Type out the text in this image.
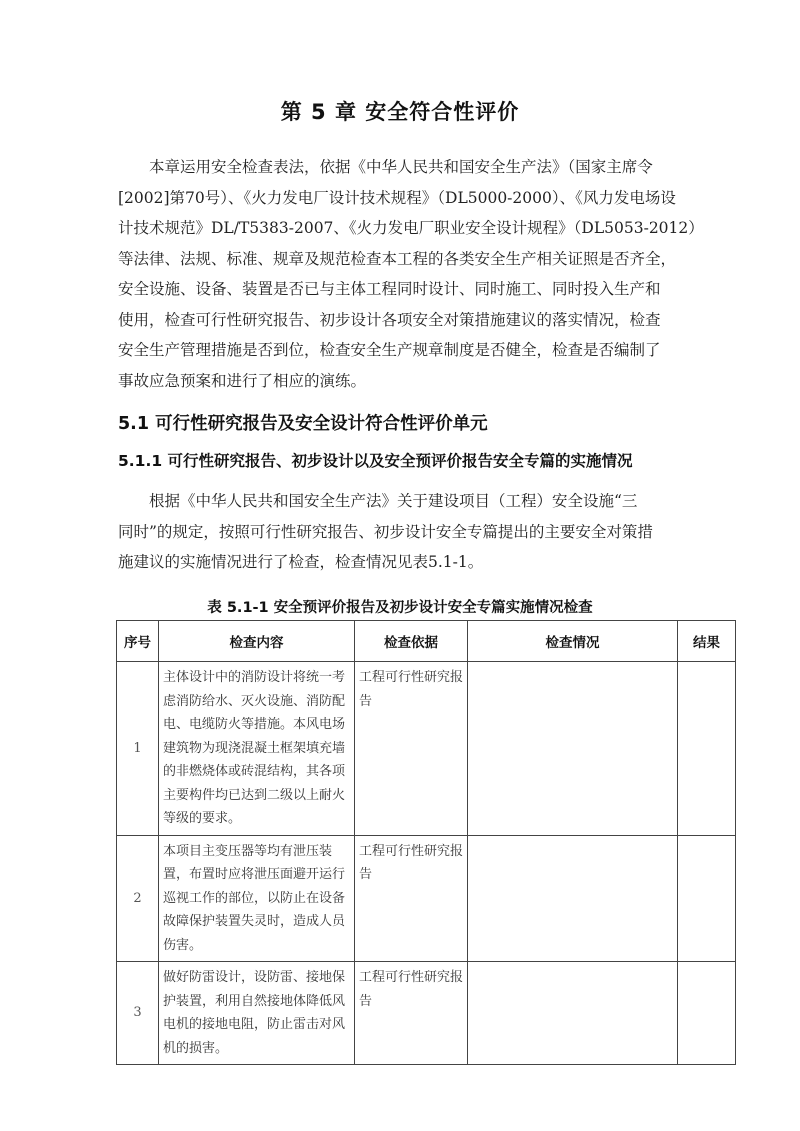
第 5 章 安全符合性评价
本章运用安全检查表法，依据《中华人民共和国安全生产法》（国家主席令
[2002]第70号）、《火力发电厂设计技术规程》（DL5000-2000）、《风力发电场设
计技术规范》DL/T5383-2007、《火力发电厂职业安全设计规程》（DL5053-2012）
等法律、法规、标准、规章及规范检查本工程的各类安全生产相关证照是否齐全，
安全设施、设备、装置是否已与主体工程同时设计、同时施工、同时投入生产和
使用，检查可行性研究报告、初步设计各项安全对策措施建议的落实情况，检查
安全生产管理措施是否到位，检查安全生产规章制度是否健全，检查是否编制了
事故应急预案和进行了相应的演练。
5.1 可行性研究报告及安全设计符合性评价单元
5.1.1 可行性研究报告、初步设计以及安全预评价报告安全专篇的实施情况
根据《中华人民共和国安全生产法》关于建设项目（工程）安全设施“三
同时”的规定，按照可行性研究报告、初步设计安全专篇提出的主要安全对策措
施建议的实施情况进行了检查，检查情况见表5.1-1。
表 5.1-1 安全预评价报告及初步设计安全专篇实施情况检查
序号	检查内容	检查依据	检查情况	结果
1	主体设计中的消防设计将统一考虑消防给水、灭火设施、消防配电、电缆防火等措施。本风电场建筑物为现浇混凝土框架填充墙的非燃烧体或砖混结构，其各项主要构件均已达到二级以上耐火等级的要求。	工程可行性研究报告		
2	本项目主变压器等均有泄压装置，布置时应将泄压面避开运行巡视工作的部位，以防止在设备故障保护装置失灵时，造成人员伤害。	工程可行性研究报告		
3	做好防雷设计，设防雷、接地保护装置，利用自然接地体降低风电机的接地电阻，防止雷击对风机的损害。	工程可行性研究报告		
